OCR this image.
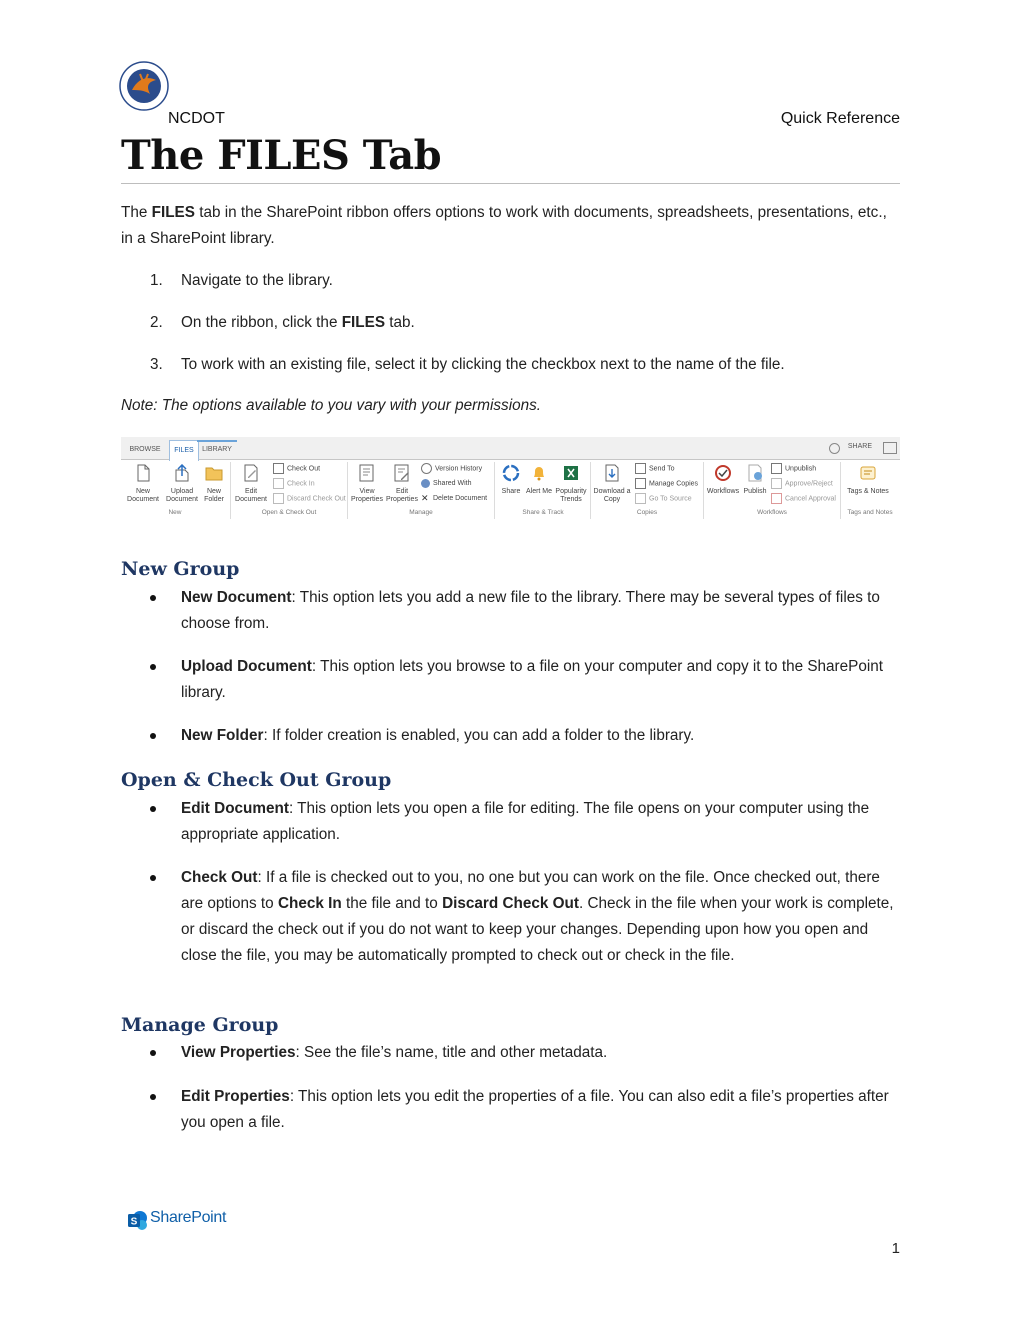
NCDOT	Quick Reference
The FILES Tab
The FILES tab in the SharePoint ribbon offers options to work with documents, spreadsheets, presentations, etc., in a SharePoint library.
1. Navigate to the library.
2. On the ribbon, click the FILES tab.
3. To work with an existing file, select it by clicking the checkbox next to the name of the file.
Note: The options available to you vary with your permissions.
BROWSE	FILES	LIBRARY	SHARE
New Document
Upload Document
New Folder
New
Edit Document
Check Out
Check In
Discard Check Out
Open & Check Out
View Properties
Edit Properties
Version History
Shared With
✕ Delete Document
Manage
Share Alert Me Popularity Trends
Share & Track
Download a Copy
Send To
Manage Copies
Go To Source
Copies
Workflows Publish
Unpublish
Approve/Reject
Cancel Approval
Workflows
Tags & Notes
Tags and Notes
New Group
New Document: This option lets you add a new file to the library. There may be several types of files to choose from.
Upload Document: This option lets you browse to a file on your computer and copy it to the SharePoint library.
New Folder: If folder creation is enabled, you can add a folder to the library.
Open & Check Out Group
Edit Document: This option lets you open a file for editing. The file opens on your computer using the appropriate application.
Check Out: If a file is checked out to you, no one but you can work on the file. Once checked out, there are options to Check In the file and to Discard Check Out. Check in the file when your work is complete, or discard the check out if you do not want to keep your changes. Depending upon how you open and close the file, you may be automatically prompted to check out or check in the file.
Manage Group
View Properties: See the file’s name, title and other metadata.
Edit Properties: This option lets you edit the properties of a file. You can also edit a file’s properties after you open a file.
S SharePoint
1
